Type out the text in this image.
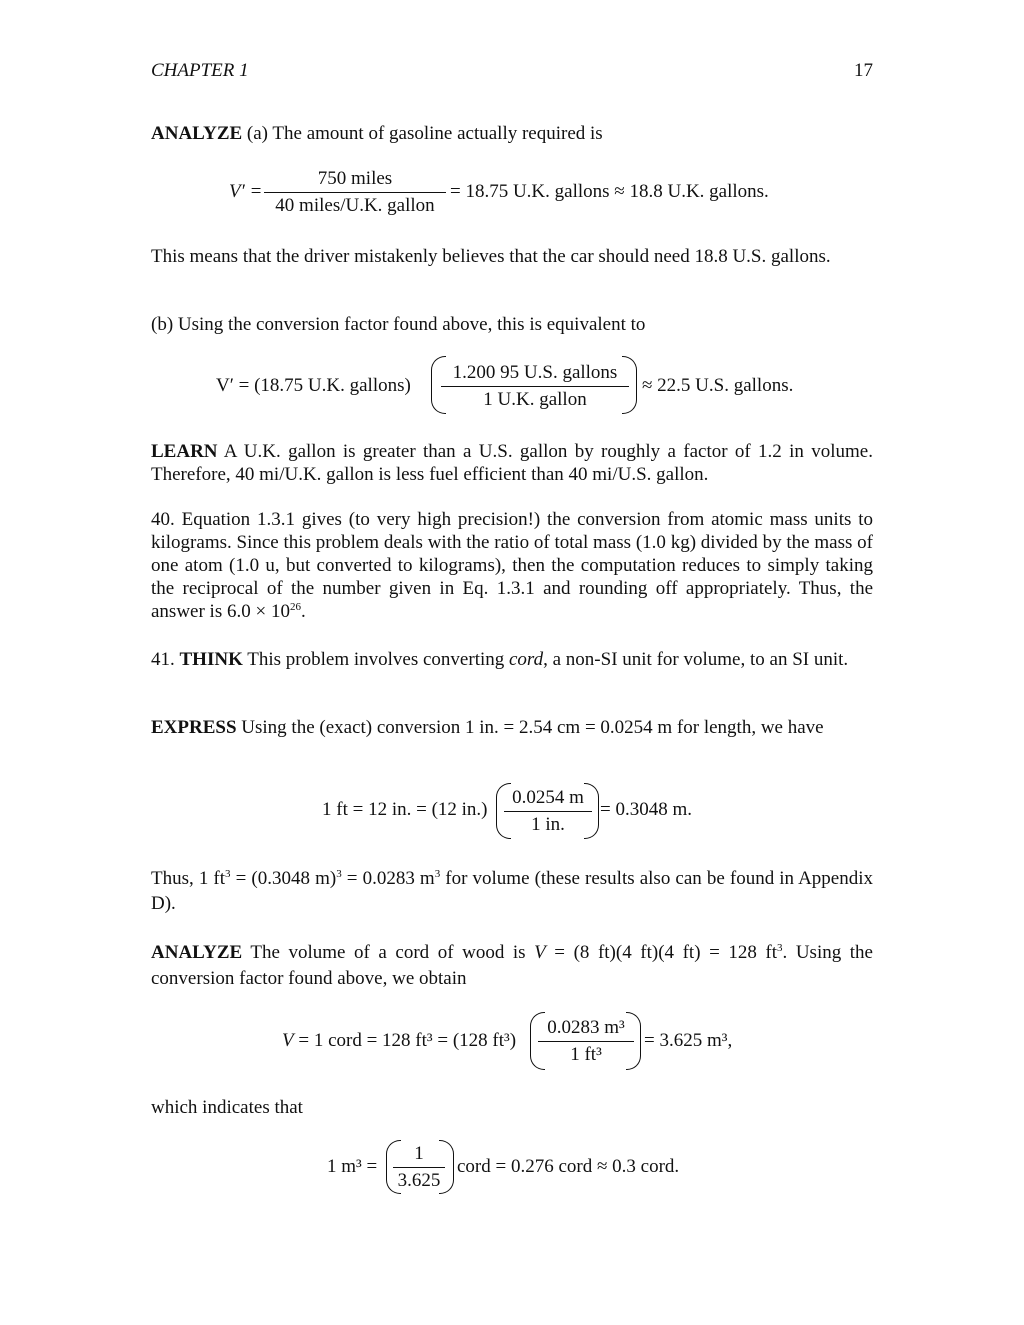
CHAPTER 1	17
ANALYZE (a) The amount of gasoline actually required is
V′ =
750 miles
40 miles/U.K. gallon
= 18.75 U.K. gallons ≈ 18.8 U.K. gallons.
This means that the driver mistakenly believes that the car should need 18.8 U.S. gallons.
(b) Using the conversion factor found above, this is equivalent to
V′ = (18.75 U.K. gallons)
1.200 95 U.S. gallons
1 U.K. gallon
≈ 22.5 U.S. gallons.
LEARN A U.K. gallon is greater than a U.S. gallon by roughly a factor of 1.2 in volume. Therefore, 40 mi/U.K. gallon is less fuel efficient than 40 mi/U.S. gallon.
40. Equation 1.3.1 gives (to very high precision!) the conversion from atomic mass units to kilograms. Since this problem deals with the ratio of total mass (1.0 kg) divided by the mass of one atom (1.0 u, but converted to kilograms), then the computation reduces to simply taking the reciprocal of the number given in Eq. 1.3.1 and rounding off appropriately. Thus, the answer is $6.0 \times 10^{26}$.
41. THINK This problem involves converting cord, a non-SI unit for volume, to an SI unit.
EXPRESS Using the (exact) conversion 1 in. = 2.54 cm = 0.0254 m for length, we have
1 ft = 12 in. = (12 in.)
0.0254 m
1 in.
= 0.3048 m.
Thus, 1 $ft^3 = (0.3048$ m)$^3$ = 0.0283 $m^3$ for volume (these results also can be found in Appendix D).
ANALYZE The volume of a cord of wood is V = (8 ft)(4 ft)(4 ft) = 128 $ft^3$. Using the conversion factor found above, we obtain
V = 1 cord = 128 ft³ = (128 ft³)
0.0283 m³
1 ft³
= 3.625 m³,
which indicates that
1 m³ =
1
3.625
cord = 0.276 cord ≈ 0.3 cord.
